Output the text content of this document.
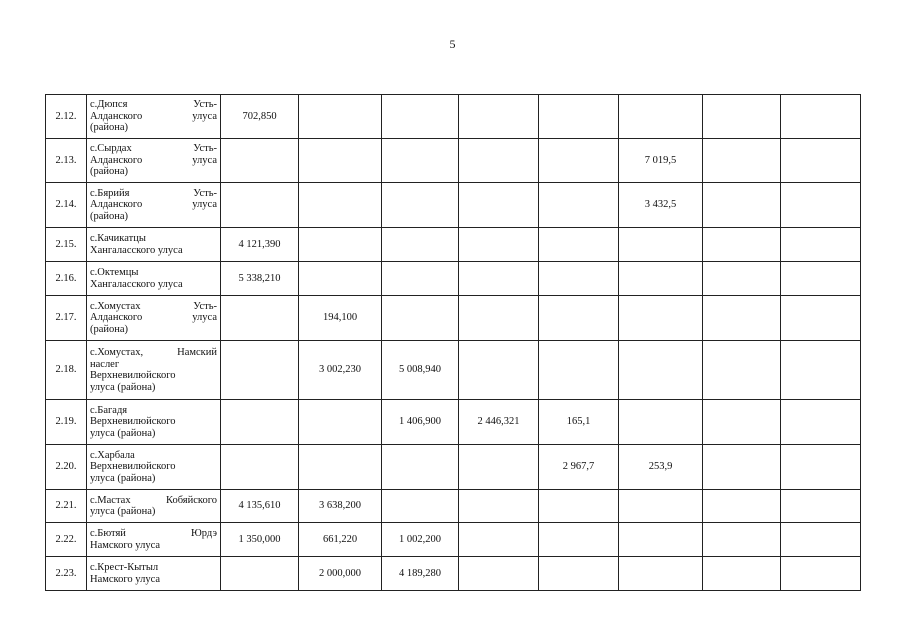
5
2.12.	с.Дюпся Усть-
Алданского улуса
(района)	702,850							
2.13.	с.Сырдах Усть-
Алданского улуса
(района)						7 019,5		
2.14.	с.Бярийя Усть-
Алданского улуса
(района)						3 432,5		
2.15.	с.Качикатцы
Хангаласского улуса	4 121,390							
2.16.	с.Октемцы
Хангаласского улуса	5 338,210							
2.17.	с.Хомустах Усть-
Алданского улуса
(района)		194,100						
2.18.	с.Хомустах, Намский
наслег
Верхневилюйского
улуса (района)		3 002,230	5 008,940					
2.19.	с.Багадя
Верхневилюйского
улуса (района)			1 406,900	2 446,321	165,1			
2.20.	с.Харбала
Верхневилюйского
улуса (района)					2 967,7	253,9		
2.21.	с.Мастах Кобяйского
улуса (района)	4 135,610	3 638,200						
2.22.	с.Бютяй Юрдэ
Намского улуса	1 350,000	661,220	1 002,200					
2.23.	с.Крест-Кытыл
Намского улуса		2 000,000	4 189,280					
